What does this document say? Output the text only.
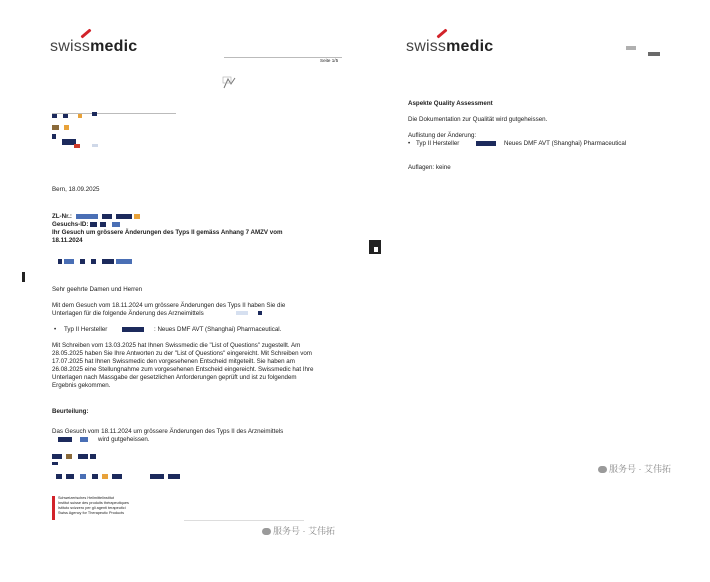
swissmedic
Seite 1/5
Bern, 18.09.2025
ZL-Nr.:
Gesuchs-ID:
Ihr Gesuch um grössere Änderungen des Typs II gemäss Anhang 7 AMZV vom
18.11.2024
Sehr geehrte Damen und Herren
Mit dem Gesuch vom 18.11.2024 um grössere Änderungen des Typs II haben Sie die
Unterlagen für die folgende Änderung des Arzneimittels
• Typ II Hersteller	: Neues DMF AVT (Shanghai) Pharmaceutical.
Mit Schreiben vom 13.03.2025 hat Ihnen Swissmedic die "List of Questions" zugestellt. Am
28.05.2025 haben Sie Ihre Antworten zu der "List of Questions" eingereicht. Mit Schreiben vom
17.07.2025 hat Ihnen Swissmedic den vorgesehenen Entscheid mitgeteilt. Sie haben am
26.08.2025 eine Stellungnahme zum vorgesehenen Entscheid eingereicht. Swissmedic hat Ihre
Unterlagen nach Massgabe der gesetzlichen Anforderungen geprüft und ist zu folgendem
Ergebnis gekommen.
Beurteilung:
Das Gesuch vom 18.11.2024 um grössere Änderungen des Typs II des Arzneimittels
wird gutgeheissen.
Schweizerisches Heilmittelinstitut
Institut suisse des produits thérapeutiques
Istituto svizzero per gli agenti terapeutici
Swiss Agency for Therapeutic Products
服务号 · 艾伟拓
swissmedic
Aspekte Quality Assessment
Die Dokumentation zur Qualität wird gutgeheissen.
Auflistung der Änderung:
• Typ II Hersteller	Neues DMF AVT (Shanghai) Pharmaceutical
Auflagen: keine
服务号 · 艾伟拓
